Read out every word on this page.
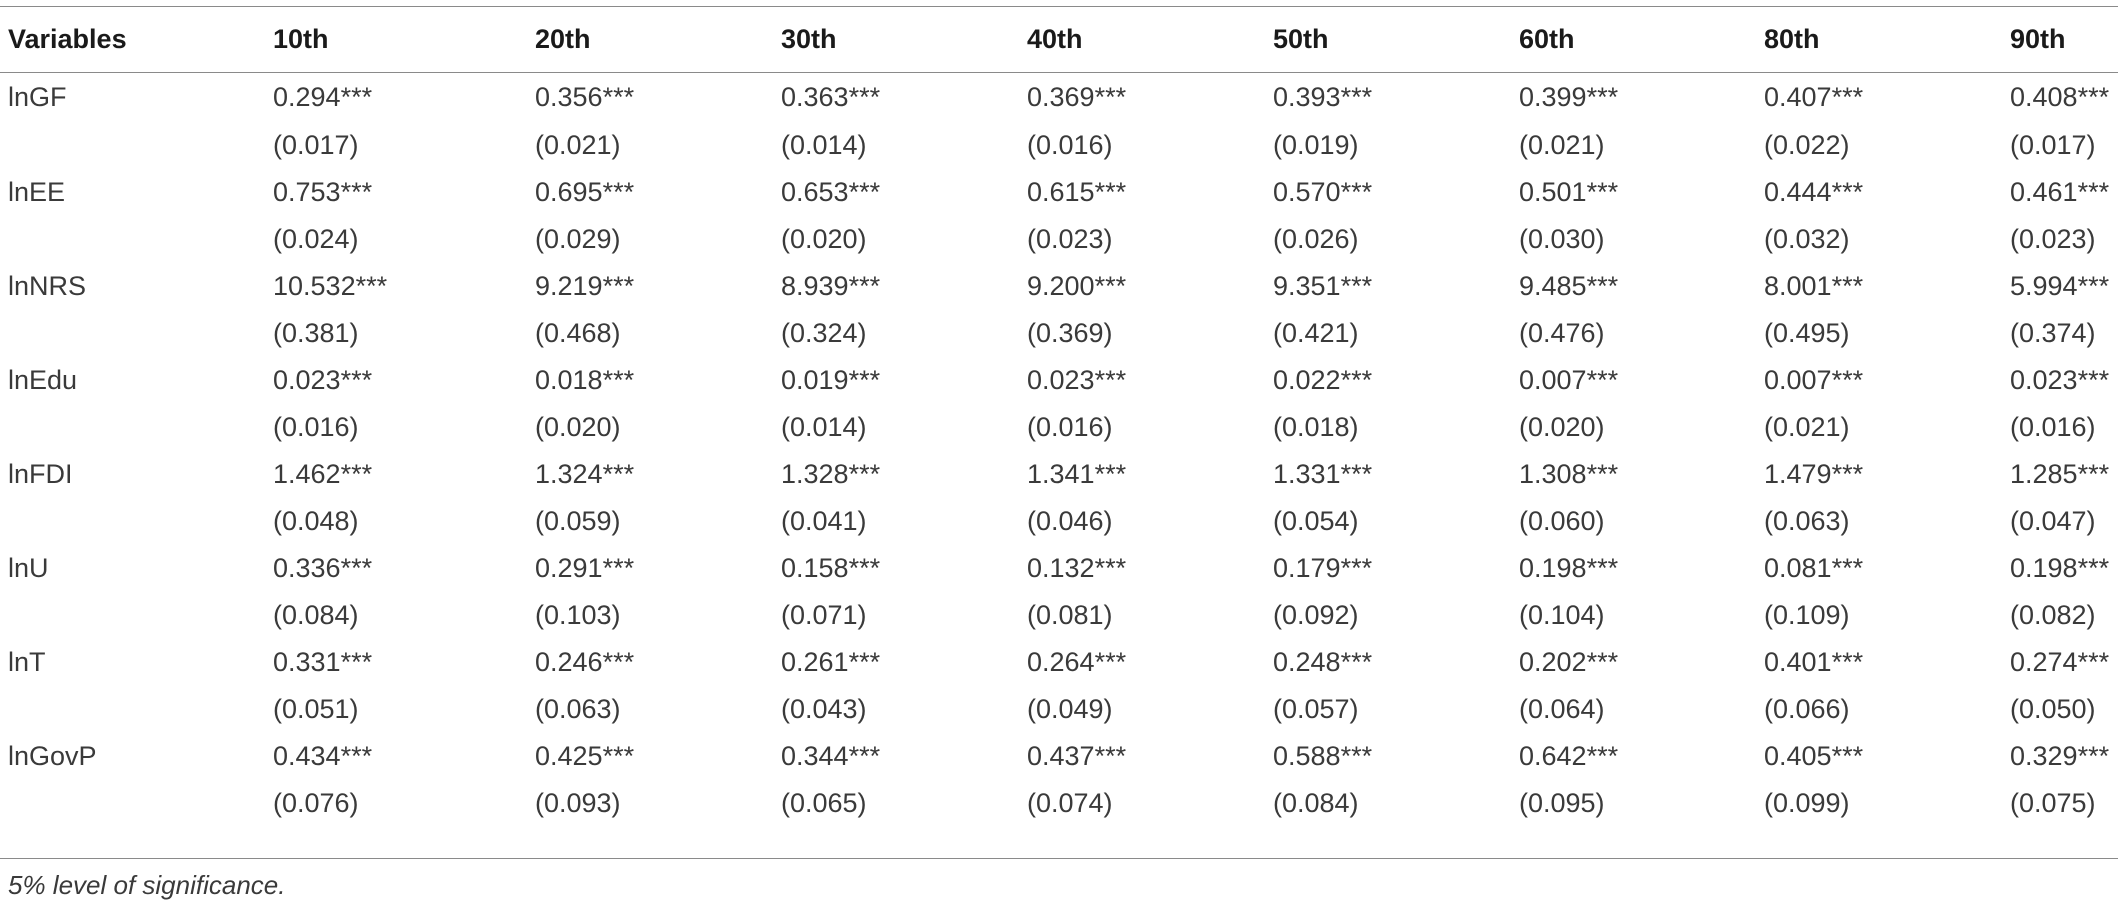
Variables	10th	20th	30th	40th	50th	60th	80th	90th
lnGF	0.294***	0.356***	0.363***	0.369***	0.393***	0.399***	0.407***	0.408***
	(0.017)	(0.021)	(0.014)	(0.016)	(0.019)	(0.021)	(0.022)	(0.017)
lnEE	0.753***	0.695***	0.653***	0.615***	0.570***	0.501***	0.444***	0.461***
	(0.024)	(0.029)	(0.020)	(0.023)	(0.026)	(0.030)	(0.032)	(0.023)
lnNRS	10.532***	9.219***	8.939***	9.200***	9.351***	9.485***	8.001***	5.994***
	(0.381)	(0.468)	(0.324)	(0.369)	(0.421)	(0.476)	(0.495)	(0.374)
lnEdu	0.023***	0.018***	0.019***	0.023***	0.022***	0.007***	0.007***	0.023***
	(0.016)	(0.020)	(0.014)	(0.016)	(0.018)	(0.020)	(0.021)	(0.016)
lnFDI	1.462***	1.324***	1.328***	1.341***	1.331***	1.308***	1.479***	1.285***
	(0.048)	(0.059)	(0.041)	(0.046)	(0.054)	(0.060)	(0.063)	(0.047)
lnU	0.336***	0.291***	0.158***	0.132***	0.179***	0.198***	0.081***	0.198***
	(0.084)	(0.103)	(0.071)	(0.081)	(0.092)	(0.104)	(0.109)	(0.082)
lnT	0.331***	0.246***	0.261***	0.264***	0.248***	0.202***	0.401***	0.274***
	(0.051)	(0.063)	(0.043)	(0.049)	(0.057)	(0.064)	(0.066)	(0.050)
lnGovP	0.434***	0.425***	0.344***	0.437***	0.588***	0.642***	0.405***	0.329***
	(0.076)	(0.093)	(0.065)	(0.074)	(0.084)	(0.095)	(0.099)	(0.075)
5% level of significance.
